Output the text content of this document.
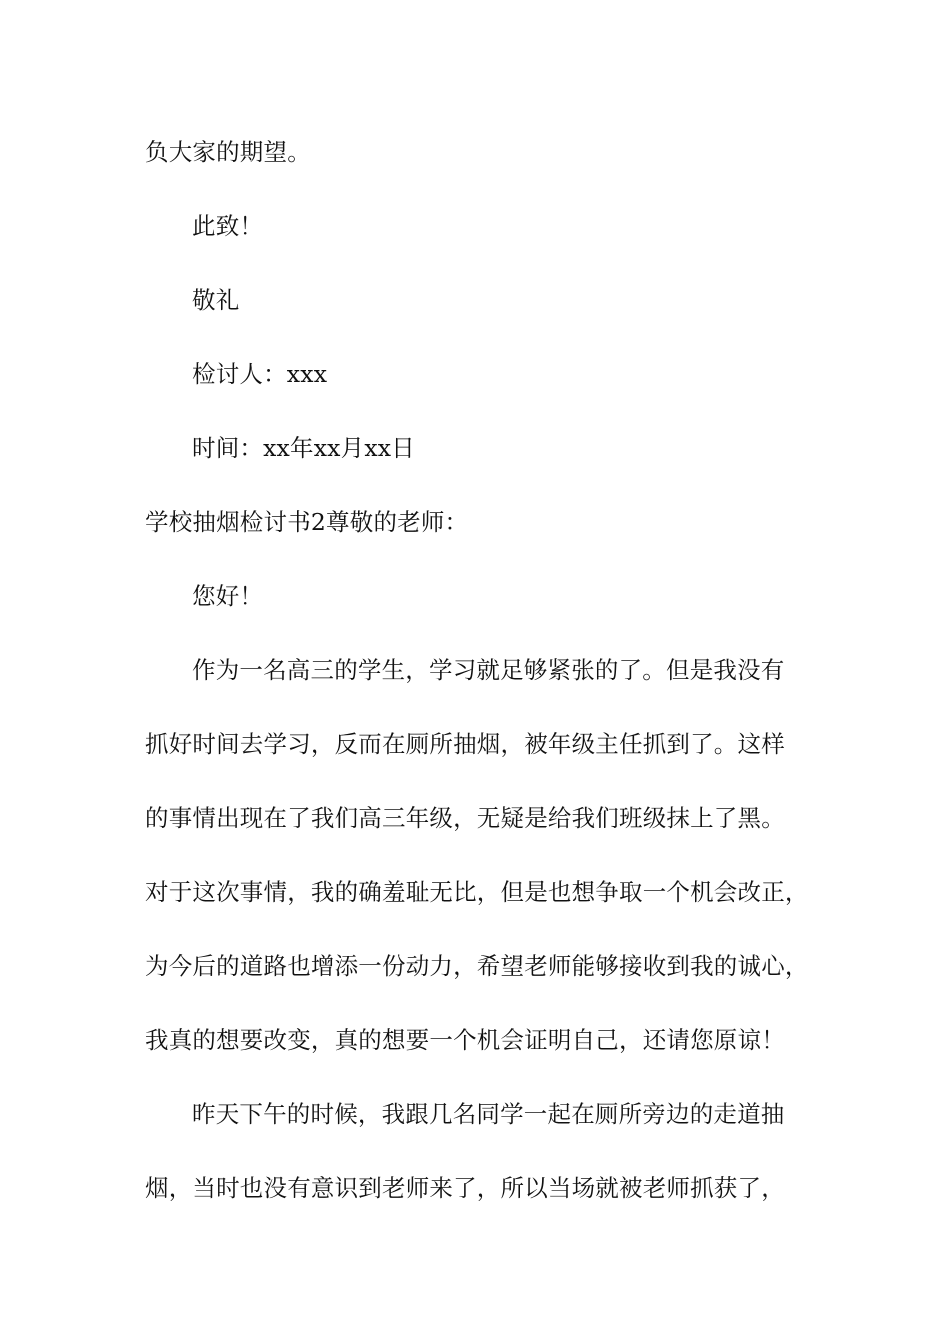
负大家的期望。
此致！
敬礼
检讨人：xxx
时间：xx年xx月xx日
学校抽烟检讨书2尊敬的老师：
您好！
作为一名高三的学生，学习就足够紧张的了。但是我没有
抓好时间去学习，反而在厕所抽烟，被年级主任抓到了。这样
的事情出现在了我们高三年级，无疑是给我们班级抹上了黑。
对于这次事情，我的确羞耻无比，但是也想争取一个机会改正，
为今后的道路也增添一份动力，希望老师能够接收到我的诚心，
我真的想要改变，真的想要一个机会证明自己，还请您原谅！
昨天下午的时候，我跟几名同学一起在厕所旁边的走道抽
烟，当时也没有意识到老师来了，所以当场就被老师抓获了，
